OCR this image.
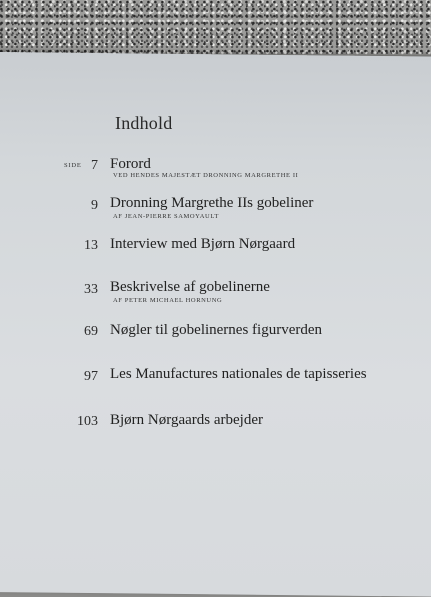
Indhold
SIDE 7 Forord
VED HENDES MAJESTÆT DRONNING MARGRETHE II
9 Dronning Margrethe IIs gobeliner
AF JEAN-PIERRE SAMOYAULT
13 Interview med Bjørn Nørgaard
33 Beskrivelse af gobelinerne
AF PETER MICHAEL HORNUNG
69 Nøgler til gobelinernes figurverden
97 Les Manufactures nationales de tapisseries
103 Bjørn Nørgaards arbejder
